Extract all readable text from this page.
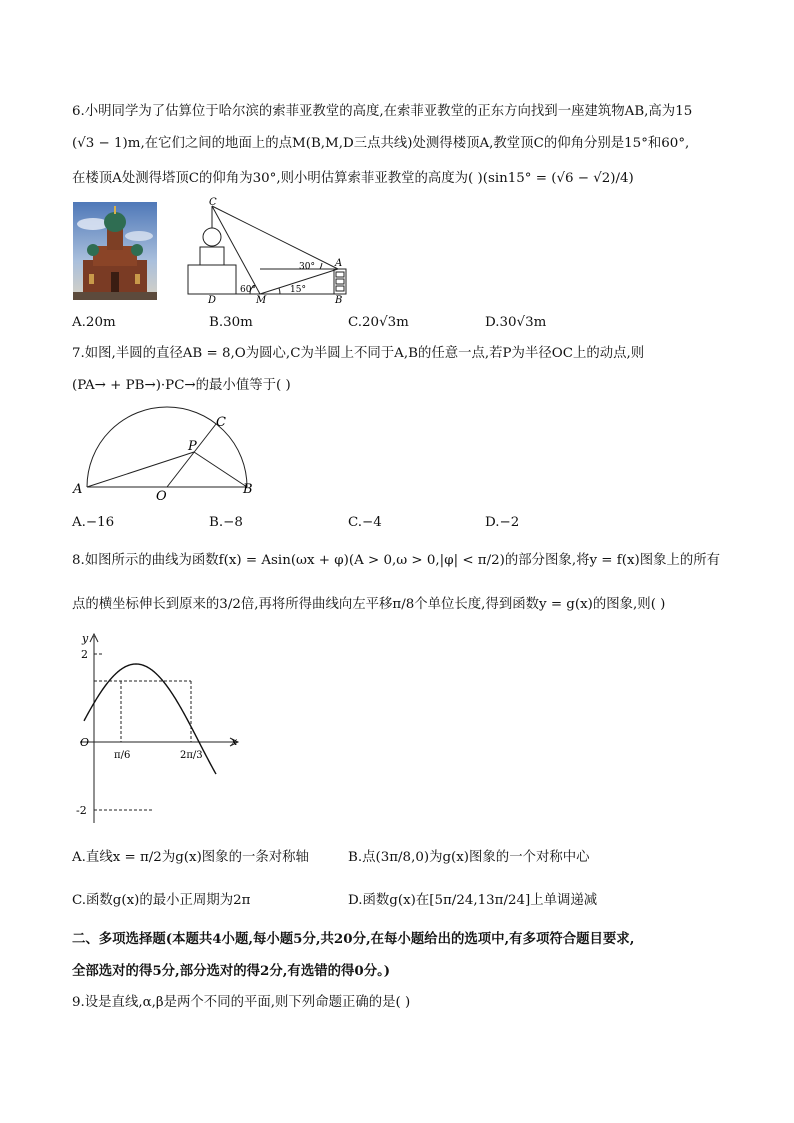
6.小明同学为了估算位于哈尔滨的索菲亚教堂的高度,在索菲亚教堂的正东方向找到一座建筑物AB,高为15
(√3 − 1)m,在它们之间的地面上的点M(B,M,D三点共线)处测得楼顶A,教堂顶C的仰角分别是15°和60°,
在楼顶A处测得塔顶C的仰角为30°,则小明估算索菲亚教堂的高度为( )(sin15° = (√6 − √2)/4)
C
A
D	M	B
30°
60°	15°
A.20m	B.30m	C.20√3m	D.30√3m
7.如图,半圆的直径AB = 8,O为圆心,C为半圆上不同于A,B的任意一点,若P为半径OC上的动点,则
(PA→ + PB→)·PC→的最小值等于( )
A	B
O
C
P
A.−16	B.−8	C.−4	D.−2
8.如图所示的曲线为函数f(x) = Asin(ωx + φ)(A > 0,ω > 0,|φ| < π/2)的部分图象,将y = f(x)图象上的所有
点的横坐标伸长到原来的3/2倍,再将所得曲线向左平移π/8个单位长度,得到函数y = g(x)的图象,则( )
y
x
O
2
-2
π/6	2π/3
A.直线x = π/2为g(x)图象的一条对称轴	B.点(3π/8,0)为g(x)图象的一个对称中心
C.函数g(x)的最小正周期为2π	D.函数g(x)在[5π/24,13π/24]上单调递减
二、多项选择题(本题共4小题,每小题5分,共20分,在每小题给出的选项中,有多项符合题目要求,
全部选对的得5分,部分选对的得2分,有选错的得0分。)
9.设是直线,α,β是两个不同的平面,则下列命题正确的是( )
